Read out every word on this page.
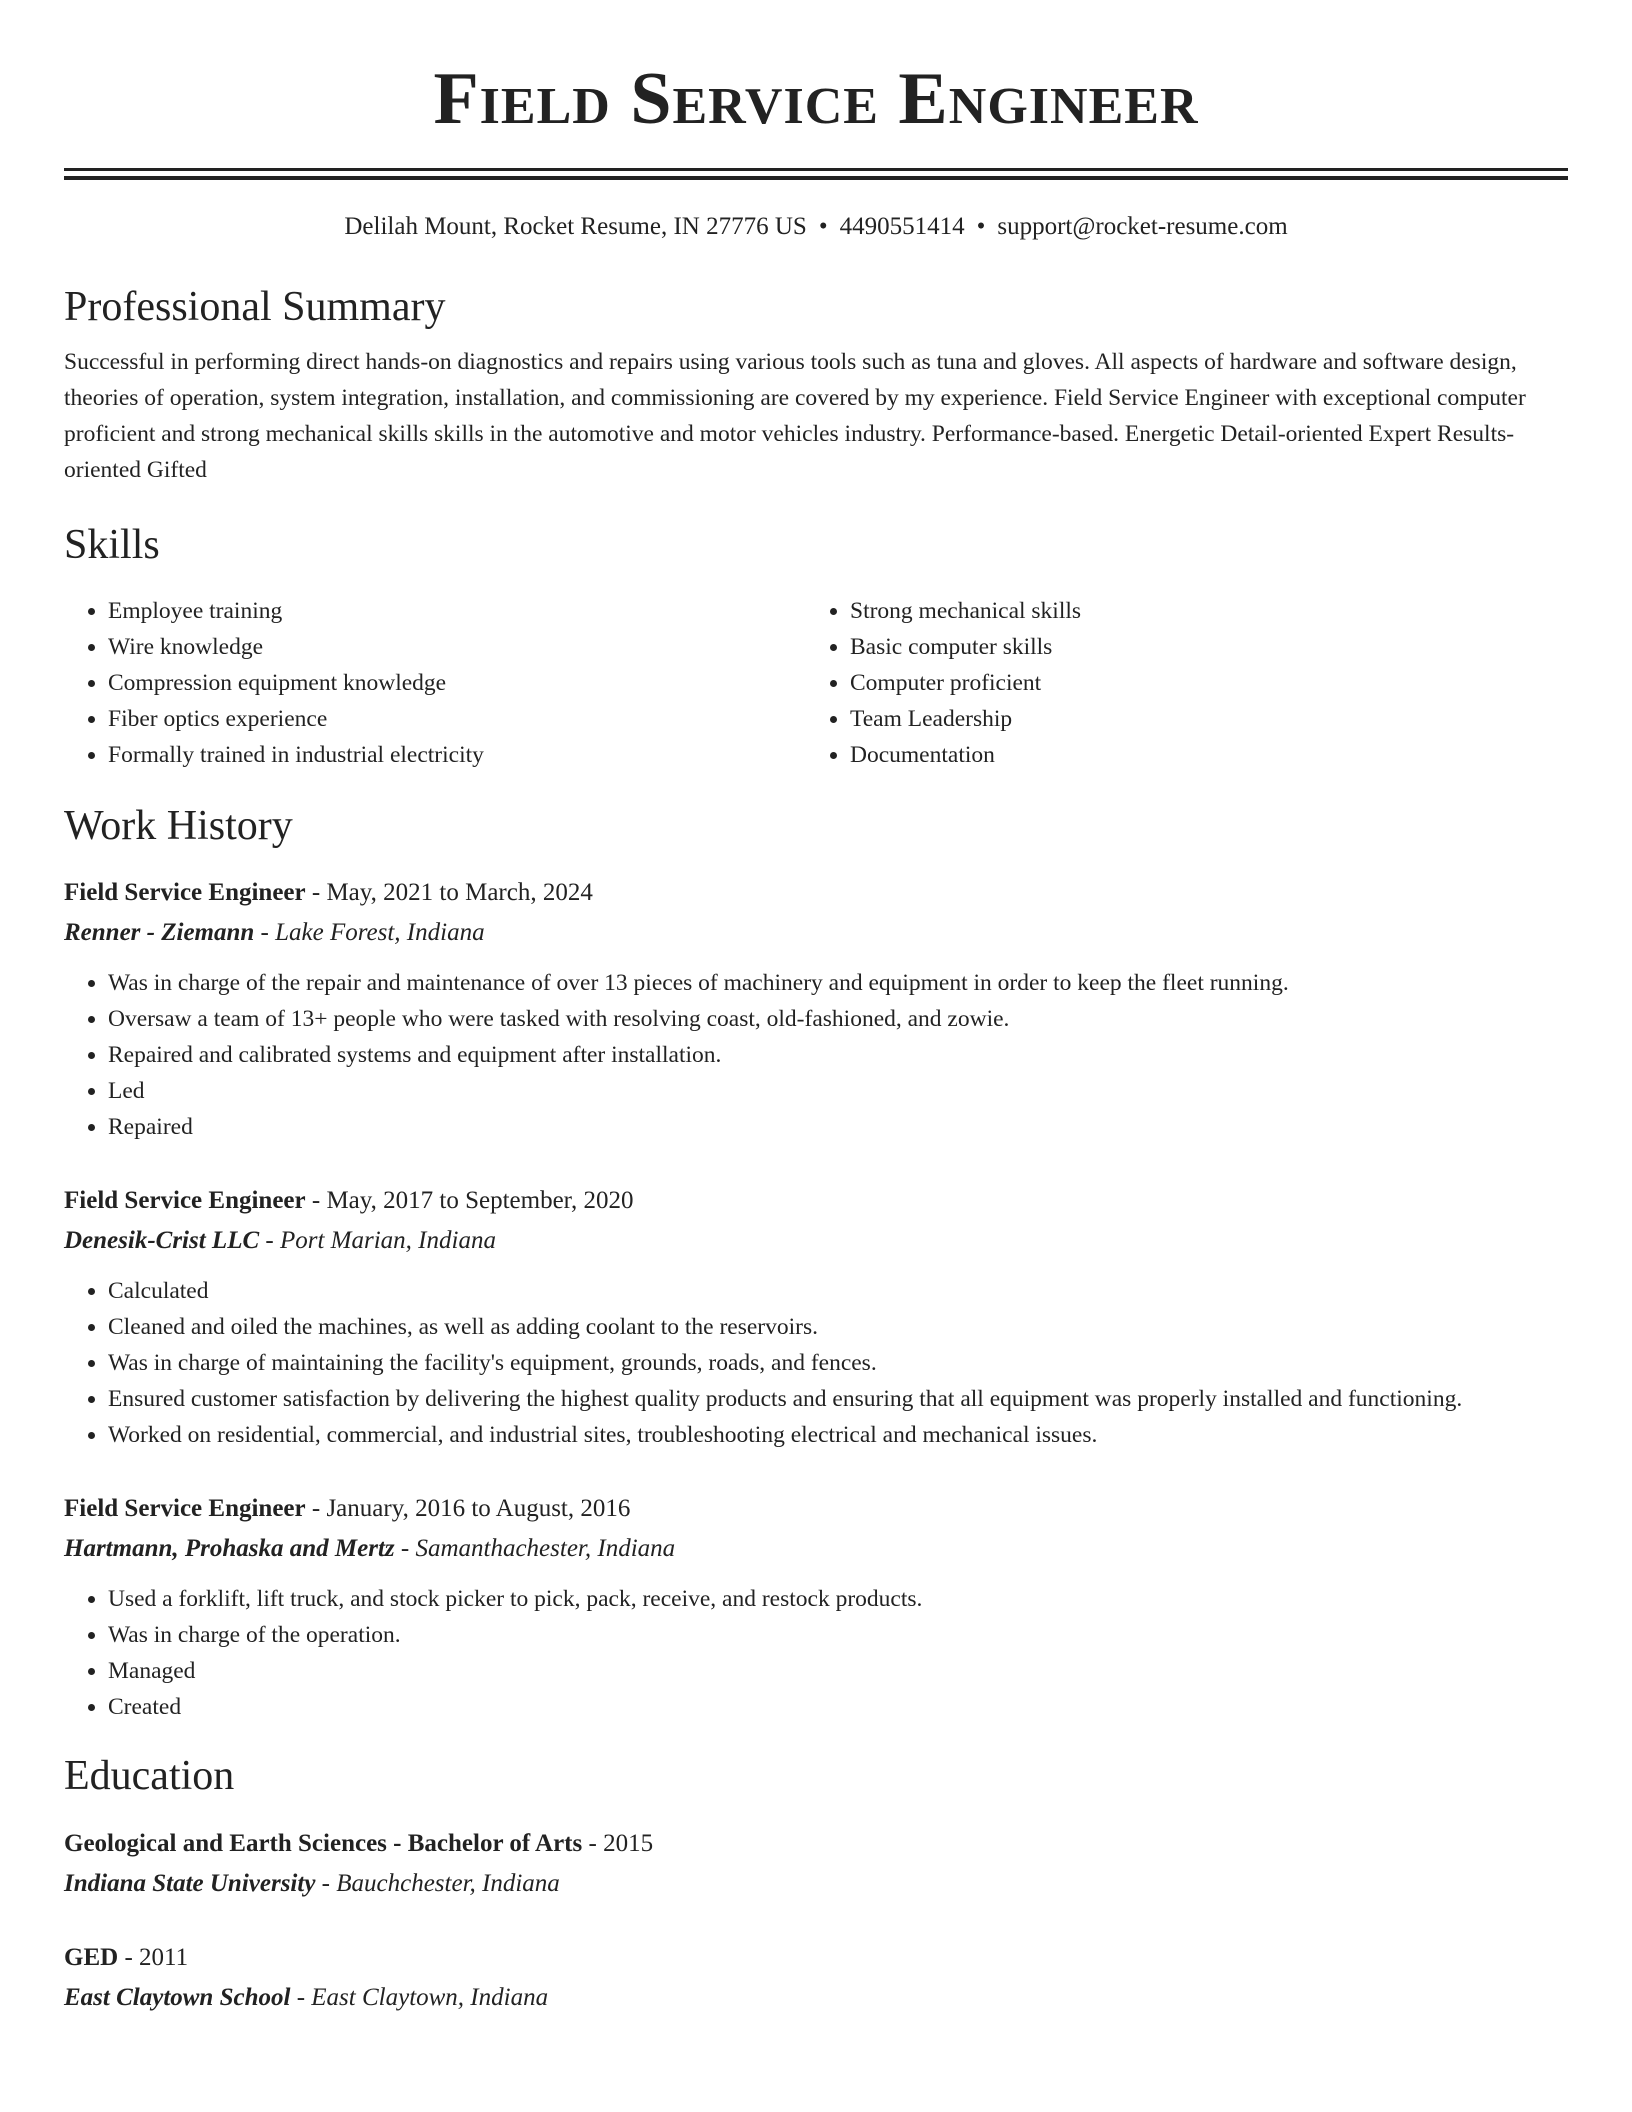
Field Service Engineer
Delilah Mount, Rocket Resume, IN 27776 US • 4490551414 • support@rocket-resume.com
Professional Summary

Successful in performing direct hands-on diagnostics and repairs using various tools such as tuna and gloves. All aspects of hardware and software design, theories of operation, system integration, installation, and commissioning are covered by my experience. Field Service Engineer with exceptional computer proficient and strong mechanical skills skills in the automotive and motor vehicles industry. Performance-based. Energetic Detail-oriented Expert Results-oriented Gifted

Skills
• Employee training
• Wire knowledge
• Compression equipment knowledge
• Fiber optics experience
• Formally trained in industrial electricity
• Strong mechanical skills
• Basic computer skills
• Computer proficient
• Team Leadership
• Documentation
Work History
Field Service Engineer - May, 2021 to March, 2024
Renner - Ziemann - Lake Forest, Indiana
• Was in charge of the repair and maintenance of over 13 pieces of machinery and equipment in order to keep the fleet running.
• Oversaw a team of 13+ people who were tasked with resolving coast, old-fashioned, and zowie.
• Repaired and calibrated systems and equipment after installation.
• Led
• Repaired
Field Service Engineer - May, 2017 to September, 2020
Denesik-Crist LLC - Port Marian, Indiana
• Calculated
• Cleaned and oiled the machines, as well as adding coolant to the reservoirs.
• Was in charge of maintaining the facility's equipment, grounds, roads, and fences.
• Ensured customer satisfaction by delivering the highest quality products and ensuring that all equipment was properly installed and functioning.
• Worked on residential, commercial, and industrial sites, troubleshooting electrical and mechanical issues.
Field Service Engineer - January, 2016 to August, 2016
Hartmann, Prohaska and Mertz - Samanthachester, Indiana
• Used a forklift, lift truck, and stock picker to pick, pack, receive, and restock products.
• Was in charge of the operation.
• Managed
• Created
Education
Geological and Earth Sciences - Bachelor of Arts - 2015
Indiana State University - Bauchchester, Indiana
GED - 2011
East Claytown School - East Claytown, Indiana
